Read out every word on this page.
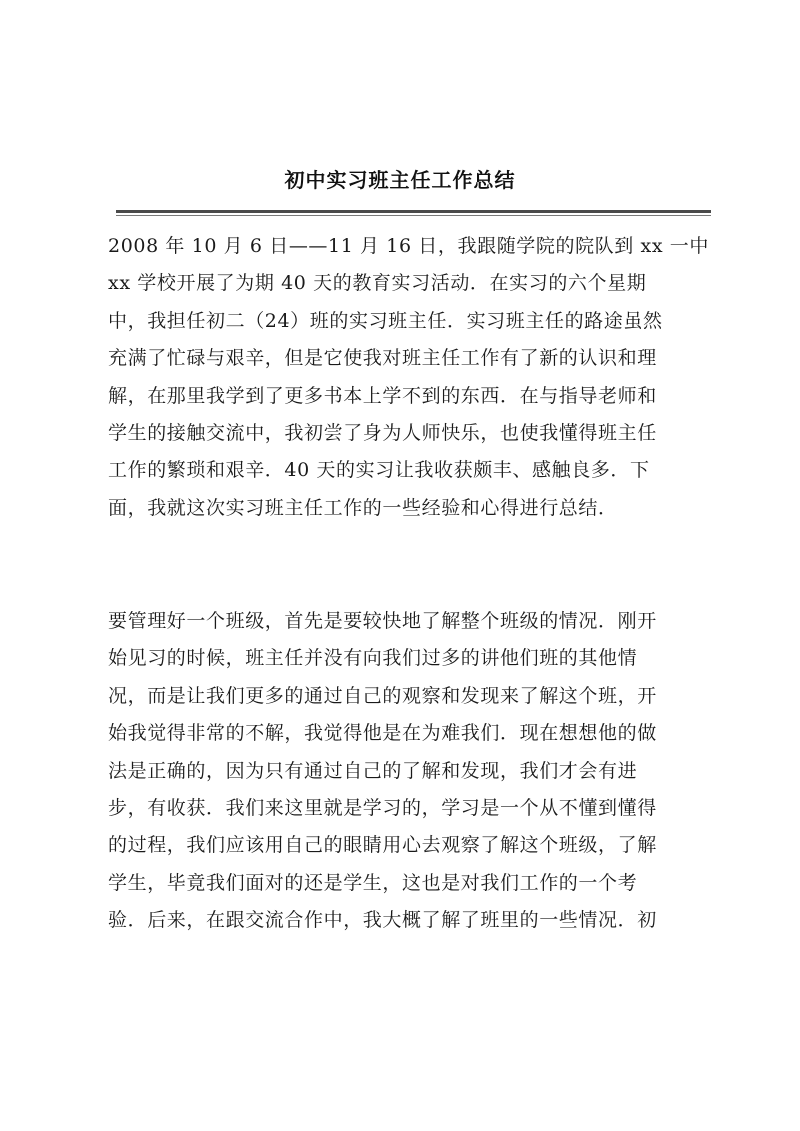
初中实习班主任工作总结
2008 年 10 月 6 日——11 月 16 日，我跟随学院的院队到 xx 一中
xx 学校开展了为期 40 天的教育实习活动．在实习的六个星期
中，我担任初二（24）班的实习班主任．实习班主任的路途虽然
充满了忙碌与艰辛，但是它使我对班主任工作有了新的认识和理
解，在那里我学到了更多书本上学不到的东西．在与指导老师和
学生的接触交流中，我初尝了身为人师快乐，也使我懂得班主任
工作的繁琐和艰辛．40 天的实习让我收获颇丰、感触良多．下
面，我就这次实习班主任工作的一些经验和心得进行总结．
要管理好一个班级，首先是要较快地了解整个班级的情况．刚开
始见习的时候，班主任并没有向我们过多的讲他们班的其他情
况，而是让我们更多的通过自己的观察和发现来了解这个班，开
始我觉得非常的不解，我觉得他是在为难我们．现在想想他的做
法是正确的，因为只有通过自己的了解和发现，我们才会有进
步，有收获．我们来这里就是学习的，学习是一个从不懂到懂得
的过程，我们应该用自己的眼睛用心去观察了解这个班级，了解
学生，毕竟我们面对的还是学生，这也是对我们工作的一个考
验．后来，在跟交流合作中，我大概了解了班里的一些情况．初
